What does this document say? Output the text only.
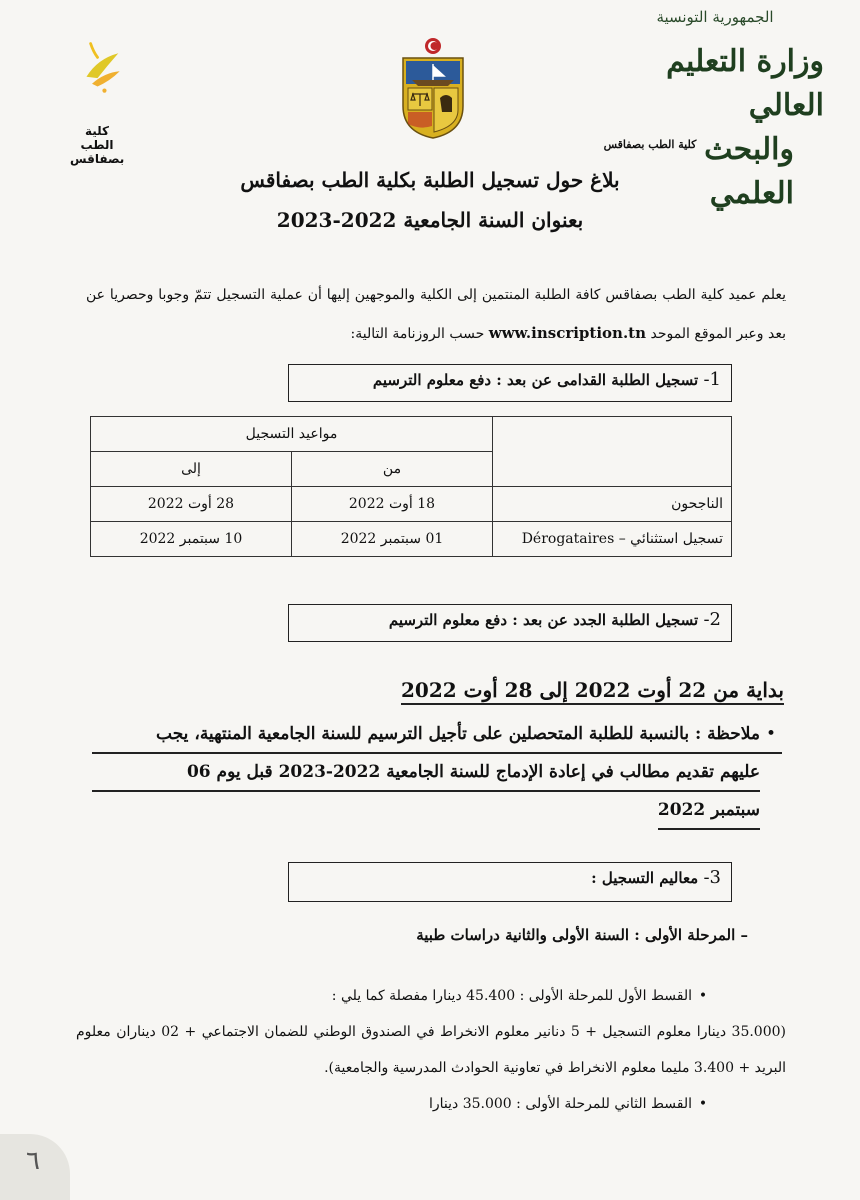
الجمهورية التونسية
وزارة التعليم العالي
والبحث العلمي
كلية الطب بصفاقس
كلية
الطب
بصفاقس
بلاغ حول تسجيل الطلبة بكلية الطب بصفاقس
بعنوان السنة الجامعية 2022-2023
يعلم عميد كلية الطب بصفاقس كافة الطلبة المنتمين إلى الكلية والموجهين إليها أن عملية التسجيل تتمّ وجوبا وحصريا عن بعد وعبر الموقع الموحد www.inscription.tn حسب الروزنامة التالية:
1- تسجيل الطلبة القدامى عن بعد : دفع معلوم الترسيم
	مواعيد التسجيل	
	من	إلى
الناجحون	18 أوت 2022	28 أوت 2022
تسجيل استثنائي – Dérogataires	01 سبتمبر 2022	10 سبتمبر 2022
2- تسجيل الطلبة الجدد عن بعد : دفع معلوم الترسيم
بداية من 22 أوت 2022 إلى 28 أوت 2022
•ملاحظة : بالنسبة للطلبة المتحصلين على تأجيل الترسيم للسنة الجامعية المنتهية، يجب
عليهم تقديم مطالب في إعادة الإدماج للسنة الجامعية 2022-2023 قبل يوم 06
سبتمبر 2022
3- معاليم التسجيل :
– المرحلة الأولى : السنة الأولى والثانية دراسات طبية
•القسط الأول للمرحلة الأولى : 45.400 دينارا مفصلة كما يلي :
(35.000 دينارا معلوم التسجيل + 5 دنانير معلوم الانخراط في الصندوق الوطني للضمان الاجتماعي + 02 ديناران معلوم البريد + 3.400 مليما معلوم الانخراط في تعاونية الحوادث المدرسية والجامعية).
•القسط الثاني للمرحلة الأولى : 35.000 دينارا
٦
